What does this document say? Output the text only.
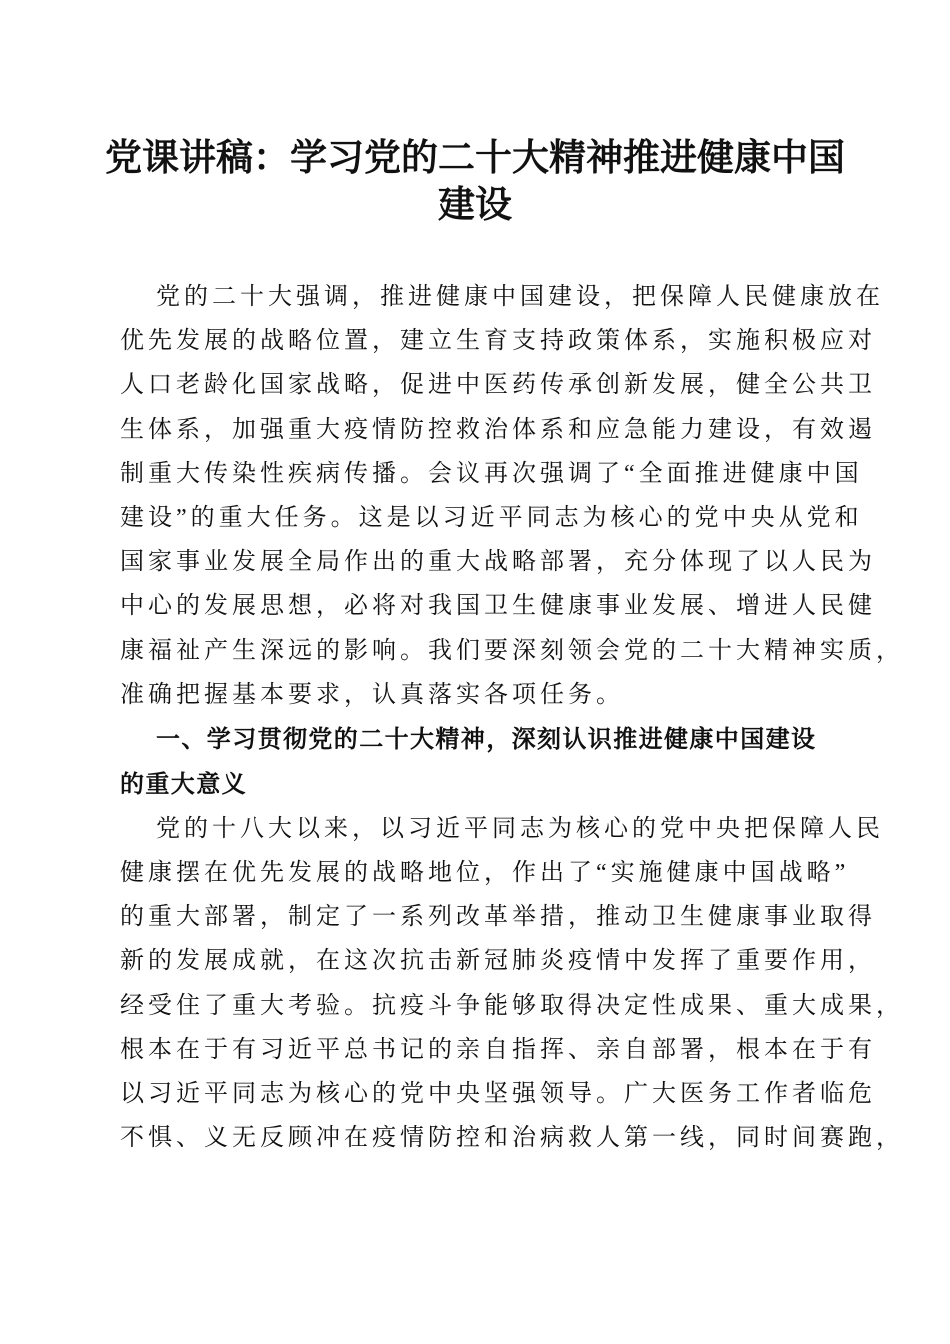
党课讲稿：学习党的二十大精神推进健康中国
建设
党的二十大强调，推进健康中国建设，把保障人民健康放在
优先发展的战略位置，建立生育支持政策体系，实施积极应对
人口老龄化国家战略，促进中医药传承创新发展，健全公共卫
生体系，加强重大疫情防控救治体系和应急能力建设，有效遏
制重大传染性疾病传播。会议再次强调了“全面推进健康中国
建设”的重大任务。这是以习近平同志为核心的党中央从党和
国家事业发展全局作出的重大战略部署，充分体现了以人民为
中心的发展思想，必将对我国卫生健康事业发展、增进人民健
康福祉产生深远的影响。我们要深刻领会党的二十大精神实质，
准确把握基本要求，认真落实各项任务。
一、学习贯彻党的二十大精神，深刻认识推进健康中国建设
的重大意义
党的十八大以来，以习近平同志为核心的党中央把保障人民
健康摆在优先发展的战略地位，作出了“实施健康中国战略”
的重大部署，制定了一系列改革举措，推动卫生健康事业取得
新的发展成就，在这次抗击新冠肺炎疫情中发挥了重要作用，
经受住了重大考验。抗疫斗争能够取得决定性成果、重大成果，
根本在于有习近平总书记的亲自指挥、亲自部署，根本在于有
以习近平同志为核心的党中央坚强领导。广大医务工作者临危
不惧、义无反顾冲在疫情防控和治病救人第一线，同时间赛跑，
